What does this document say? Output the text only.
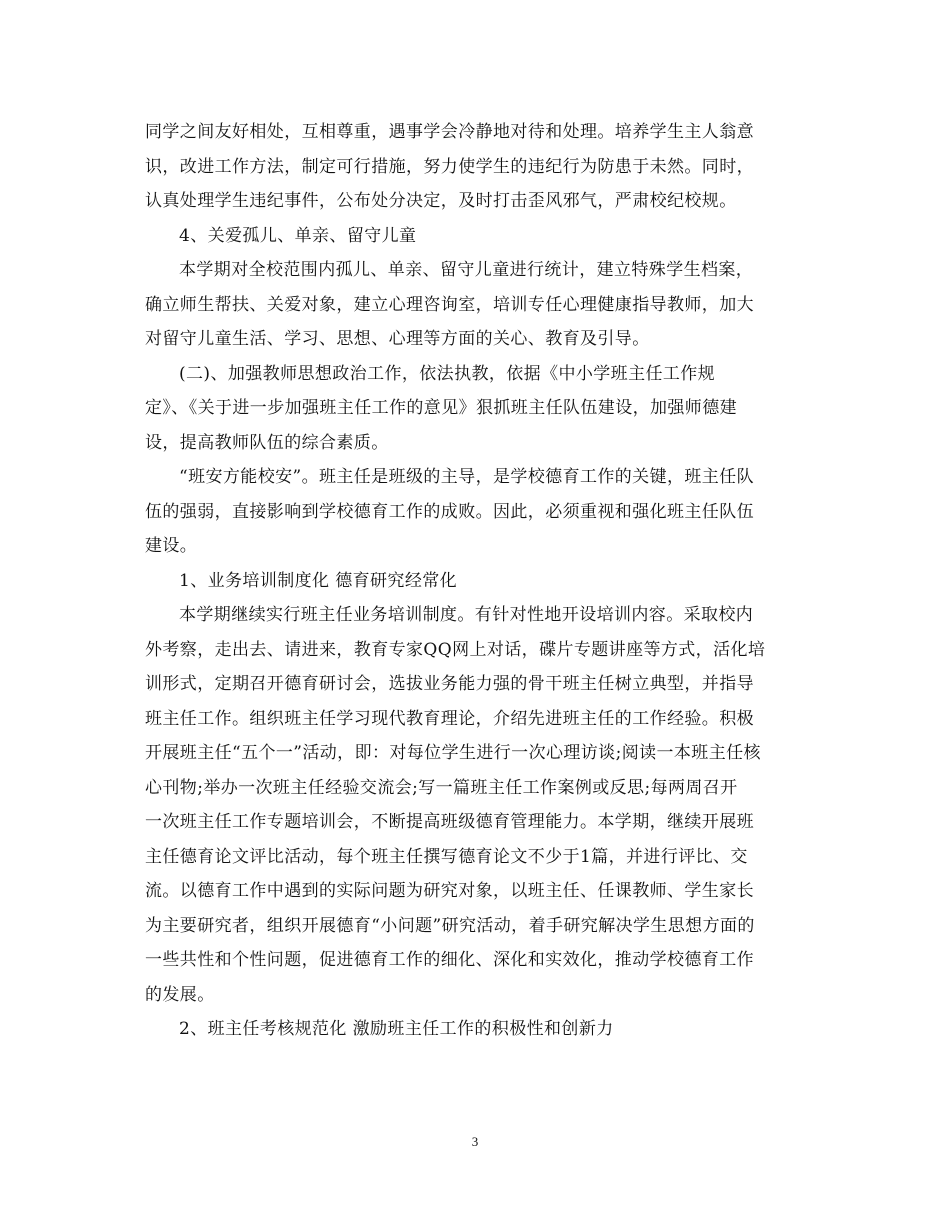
同学之间友好相处，互相尊重，遇事学会冷静地对待和处理。培养学生主人翁意
识，改进工作方法，制定可行措施，努力使学生的违纪行为防患于未然。同时，
认真处理学生违纪事件，公布处分决定，及时打击歪风邪气，严肃校纪校规。
4、关爱孤儿、单亲、留守儿童
本学期对全校范围内孤儿、单亲、留守儿童进行统计，建立特殊学生档案，
确立师生帮扶、关爱对象，建立心理咨询室，培训专任心理健康指导教师，加大
对留守儿童生活、学习、思想、心理等方面的关心、教育及引导。
(二)、加强教师思想政治工作，依法执教，依据《中小学班主任工作规
定》、《关于进一步加强班主任工作的意见》狠抓班主任队伍建设，加强师德建
设，提高教师队伍的综合素质。
“班安方能校安”。班主任是班级的主导，是学校德育工作的关键，班主任队
伍的强弱，直接影响到学校德育工作的成败。因此，必须重视和强化班主任队伍
建设。
1、业务培训制度化 德育研究经常化
本学期继续实行班主任业务培训制度。有针对性地开设培训内容。采取校内
外考察，走出去、请进来，教育专家QQ网上对话，碟片专题讲座等方式，活化培
训形式，定期召开德育研讨会，选拔业务能力强的骨干班主任树立典型，并指导
班主任工作。组织班主任学习现代教育理论，介绍先进班主任的工作经验。积极
开展班主任“五个一”活动，即：对每位学生进行一次心理访谈;阅读一本班主任核
心刊物;举办一次班主任经验交流会;写一篇班主任工作案例或反思;每两周召开
一次班主任工作专题培训会，不断提高班级德育管理能力。本学期，继续开展班
主任德育论文评比活动，每个班主任撰写德育论文不少于1篇，并进行评比、交
流。以德育工作中遇到的实际问题为研究对象，以班主任、任课教师、学生家长
为主要研究者，组织开展德育“小问题”研究活动，着手研究解决学生思想方面的
一些共性和个性问题，促进德育工作的细化、深化和实效化，推动学校德育工作
的发展。
2、班主任考核规范化 激励班主任工作的积极性和创新力
3
